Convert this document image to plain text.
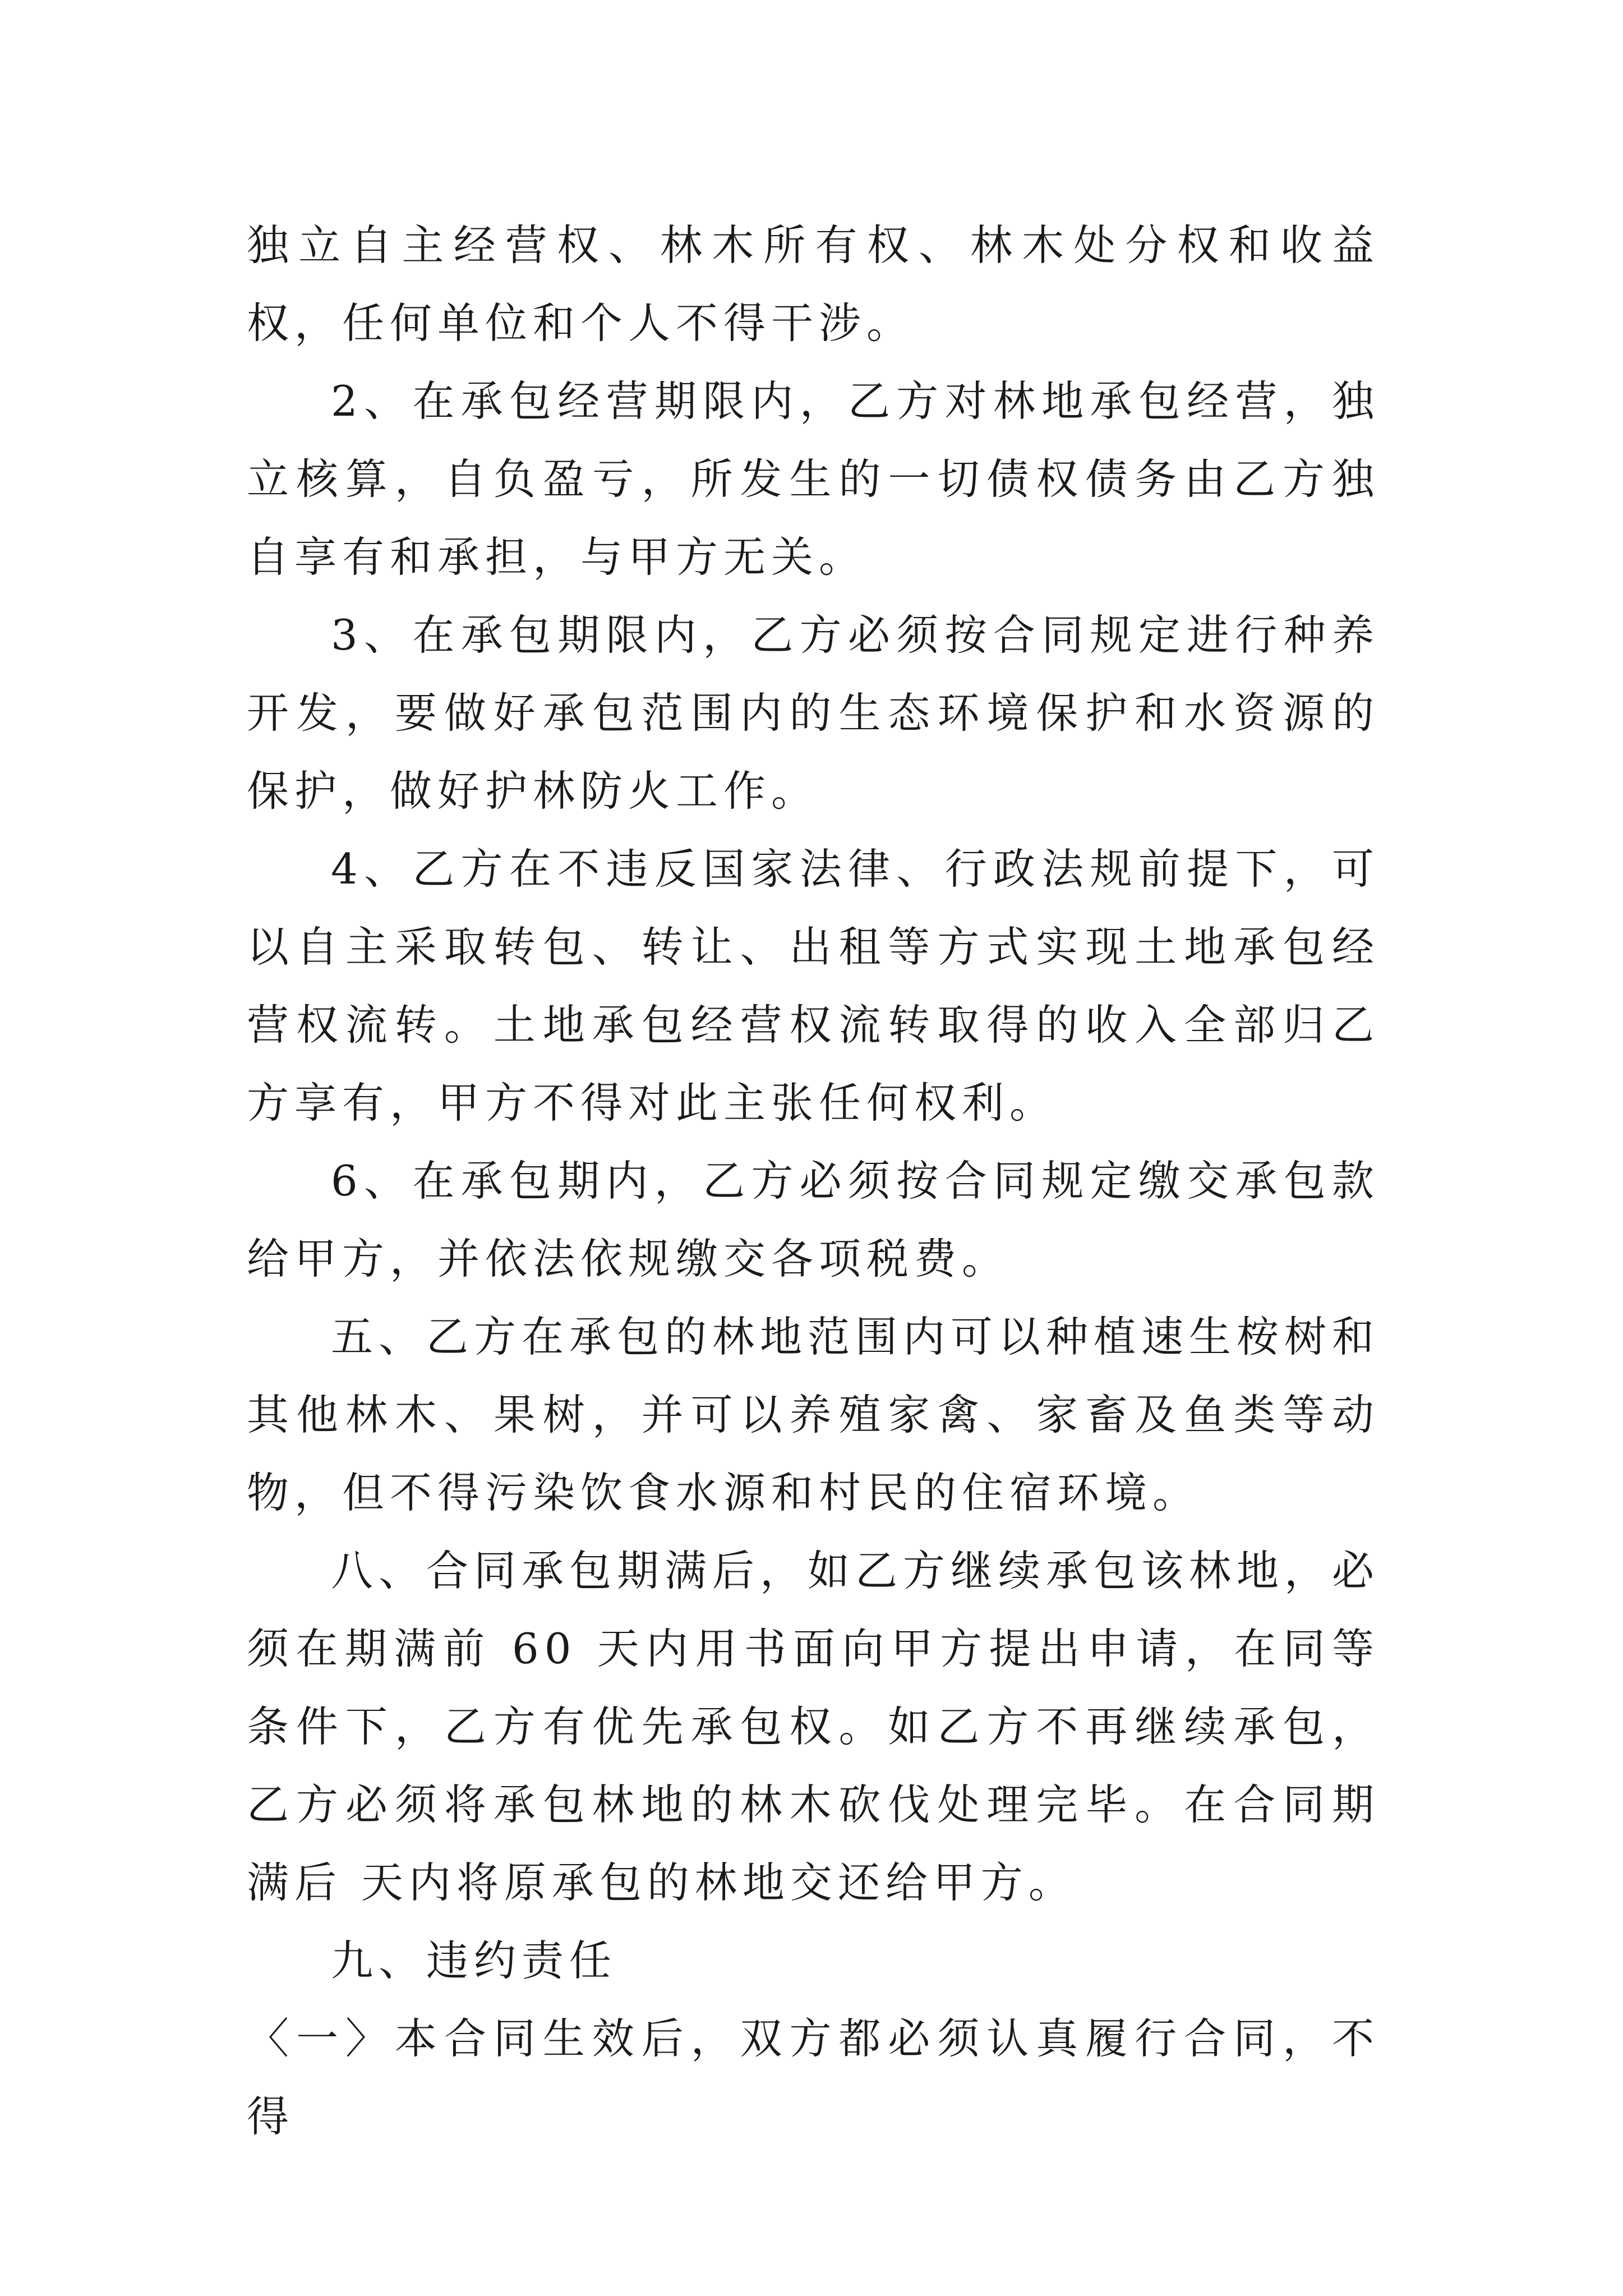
独立自主经营权、林木所有权、林木处分权和收益权，任何单位和个人不得干涉。

2、在承包经营期限内，乙方对林地承包经营，独立核算，自负盈亏，所发生的一切债权债务由乙方独自享有和承担，与甲方无关。

3、在承包期限内，乙方必须按合同规定进行种养开发，要做好承包范围内的生态环境保护和水资源的保护，做好护林防火工作。

4、乙方在不违反国家法律、行政法规前提下，可以自主采取转包、转让、出租等方式实现土地承包经营权流转。土地承包经营权流转取得的收入全部归乙方享有，甲方不得对此主张任何权利。

6、在承包期内，乙方必须按合同规定缴交承包款给甲方，并依法依规缴交各项税费。

五、乙方在承包的林地范围内可以种植速生桉树和其他林木、果树，并可以养殖家禽、家畜及鱼类等动物，但不得污染饮食水源和村民的住宿环境。

八、合同承包期满后，如乙方继续承包该林地，必须在期满前 60 天内用书面向甲方提出申请，在同等条件下，乙方有优先承包权。如乙方不再继续承包，乙方必须将承包林地的林木砍伐处理完毕。在合同期满后 天内将原承包的林地交还给甲方。

九、违约责任

〈一〉本合同生效后，双方都必须认真履行合同，不得
